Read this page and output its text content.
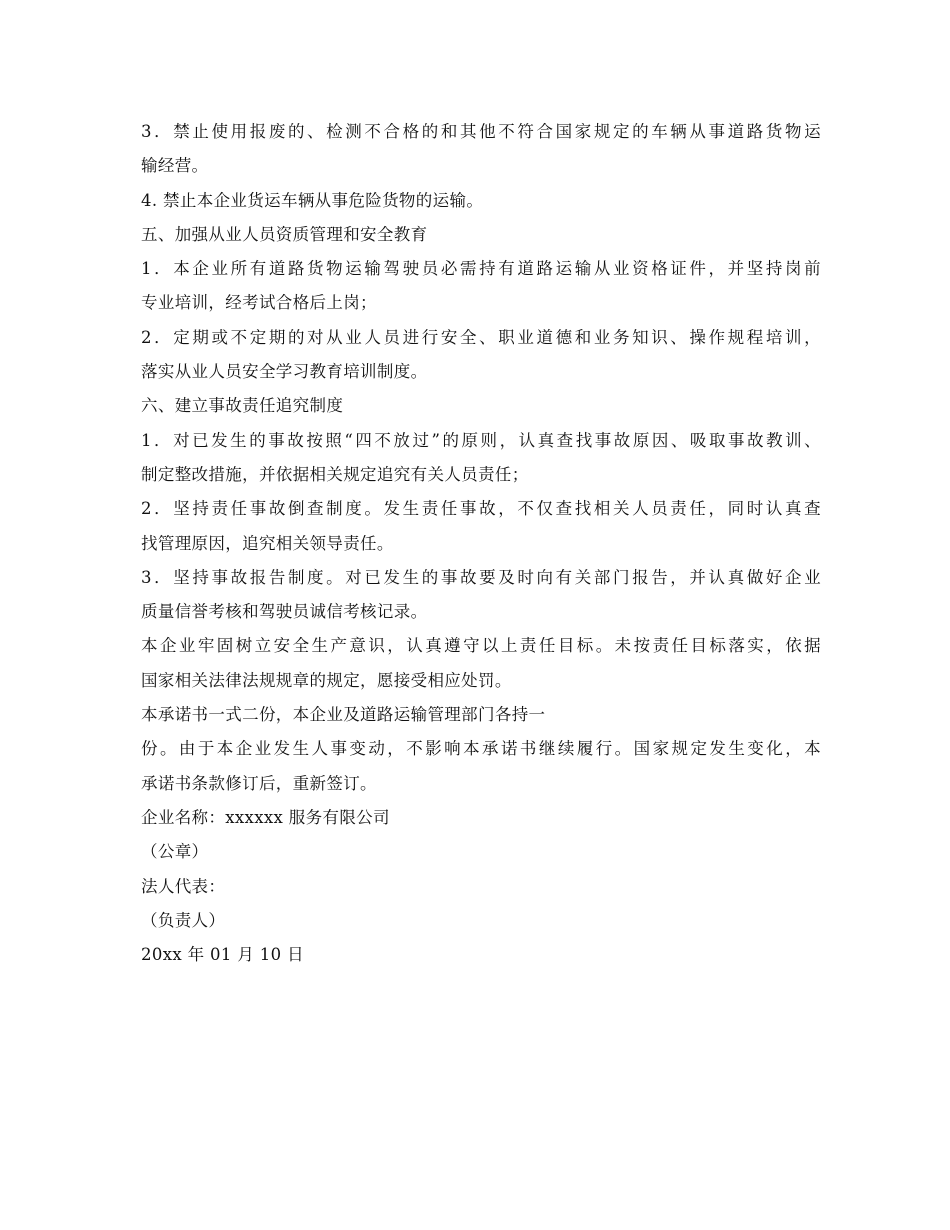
3．禁止使用报废的、检测不合格的和其他不符合国家规定的车辆从事道路货物运
输经营。
4. 禁止本企业货运车辆从事危险货物的运输。
五、加强从业人员资质管理和安全教育
1．本企业所有道路货物运输驾驶员必需持有道路运输从业资格证件，并坚持岗前
专业培训，经考试合格后上岗；
2．定期或不定期的对从业人员进行安全、职业道德和业务知识、操作规程培训，
落实从业人员安全学习教育培训制度。
六、建立事故责任追究制度
1．对已发生的事故按照“四不放过”的原则，认真查找事故原因、吸取事故教训、
制定整改措施，并依据相关规定追究有关人员责任；
2．坚持责任事故倒查制度。发生责任事故，不仅查找相关人员责任，同时认真查
找管理原因，追究相关领导责任。
3．坚持事故报告制度。对已发生的事故要及时向有关部门报告，并认真做好企业
质量信誉考核和驾驶员诚信考核记录。
本企业牢固树立安全生产意识，认真遵守以上责任目标。未按责任目标落实，依据
国家相关法律法规规章的规定，愿接受相应处罚。
本承诺书一式二份，本企业及道路运输管理部门各持一
份。由于本企业发生人事变动，不影响本承诺书继续履行。国家规定发生变化，本
承诺书条款修订后，重新签订。
企业名称：xxxxxx 服务有限公司
（公章）
法人代表：
（负责人）
20xx 年 01 月 10 日
